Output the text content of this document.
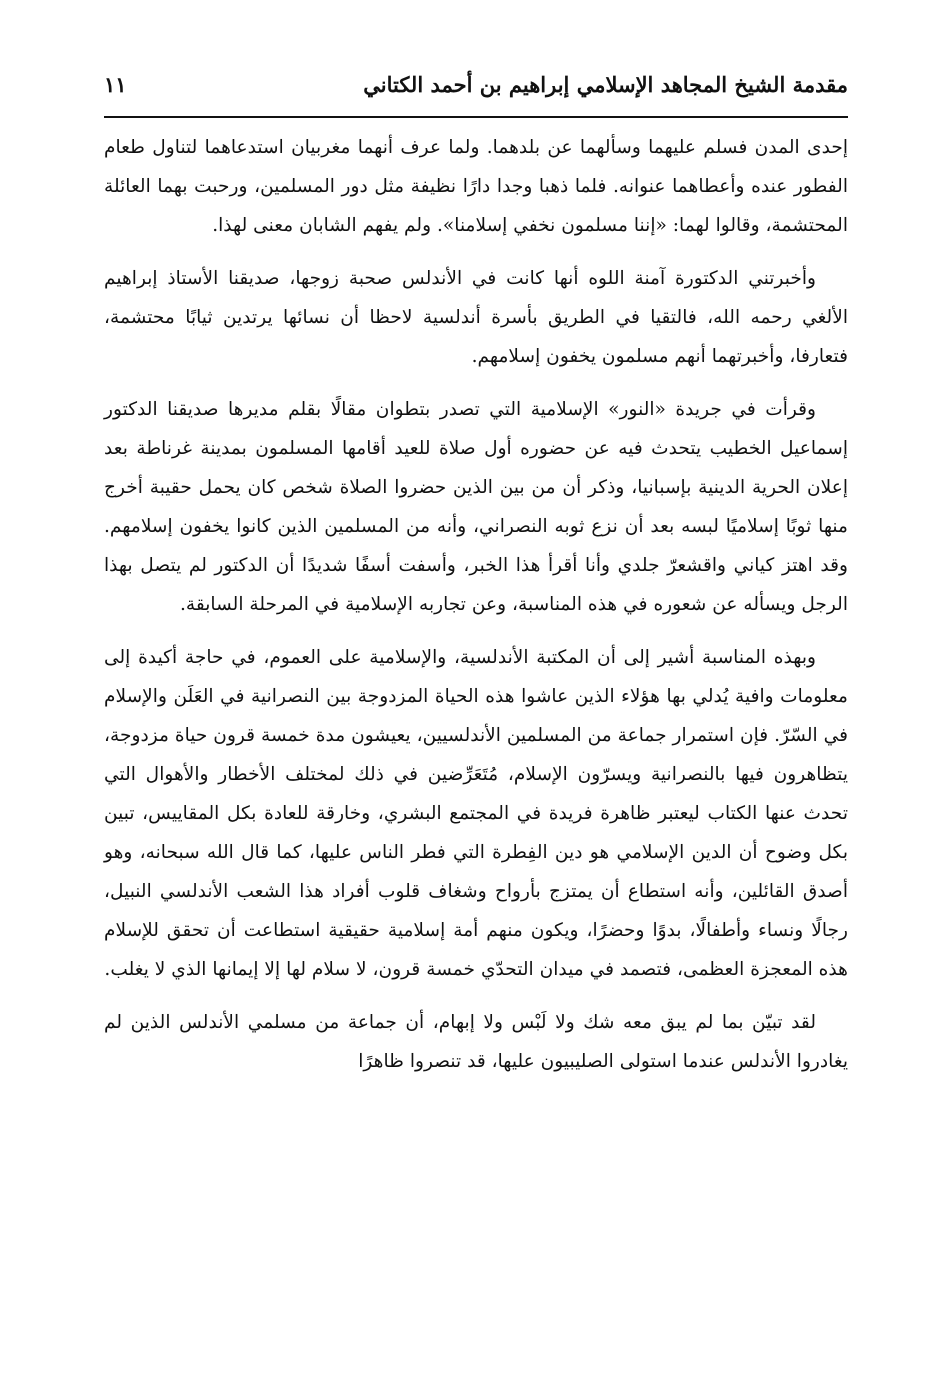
مقدمة الشيخ المجاهد الإسلامي إبراهيم بن أحمد الكتاني
١١

إحدى المدن فسلم عليهما وسألهما عن بلدهما. ولما عرف أنهما مغربيان استدعاهما لتناول طعام الفطور عنده وأعطاهما عنوانه. فلما ذهبا وجدا دارًا نظيفة مثل دور المسلمين، ورحبت بهما العائلة المحتشمة، وقالوا لهما: «إننا مسلمون نخفي إسلامنا». ولم يفهم الشابان معنى لهذا.

وأخبرتني الدكتورة آمنة اللوه أنها كانت في الأندلس صحبة زوجها، صديقنا الأستاذ إبراهيم الألغي رحمه الله، فالتقيا في الطريق بأسرة أندلسية لاحظا أن نسائها يرتدين ثيابًا محتشمة، فتعارفا، وأخبرتهما أنهم مسلمون يخفون إسلامهم.

وقرأت في جريدة «النور» الإسلامية التي تصدر بتطوان مقالًا بقلم مديرها صديقنا الدكتور إسماعيل الخطيب يتحدث فيه عن حضوره أول صلاة للعيد أقامها المسلمون بمدينة غرناطة بعد إعلان الحرية الدينية بإسبانيا، وذكر أن من بين الذين حضروا الصلاة شخص كان يحمل حقيبة أخرج منها ثوبًا إسلاميًا لبسه بعد أن نزع ثوبه النصراني، وأنه من المسلمين الذين كانوا يخفون إسلامهم. وقد اهتز كياني واقشعرّ جلدي وأنا أقرأ هذا الخبر، وأسفت أسفًا شديدًا أن الدكتور لم يتصل بهذا الرجل ويسأله عن شعوره في هذه المناسبة، وعن تجاربه الإسلامية في المرحلة السابقة.

وبهذه المناسبة أشير إلى أن المكتبة الأندلسية، والإسلامية على العموم، في حاجة أكيدة إلى معلومات وافية يُدلي بها هؤلاء الذين عاشوا هذه الحياة المزدوجة بين النصرانية في العَلَن والإسلام في السّرّ. فإن استمرار جماعة من المسلمين الأندلسيين، يعيشون مدة خمسة قرون حياة مزدوجة، يتظاهرون فيها بالنصرانية ويسرّون الإسلام، مُتَعَرِّضين في ذلك لمختلف الأخطار والأهوال التي تحدث عنها الكتاب ليعتبر ظاهرة فريدة في المجتمع البشري، وخارقة للعادة بكل المقاييس، تبين بكل وضوح أن الدين الإسلامي هو دين الفِطرة التي فطر الناس عليها، كما قال الله سبحانه، وهو أصدق القائلين، وأنه استطاع أن يمتزج بأرواح وشغاف قلوب أفراد هذا الشعب الأندلسي النبيل، رجالًا ونساء وأطفالًا، بدوًا وحضرًا، ويكون منهم أمة إسلامية حقيقية استطاعت أن تحقق للإسلام هذه المعجزة العظمى، فتصمد في ميدان التحدّي خمسة قرون، لا سلام لها إلا إيمانها الذي لا يغلب.

لقد تبيّن بما لم يبق معه شك ولا لَبْس ولا إبهام، أن جماعة من مسلمي الأندلس الذين لم يغادروا الأندلس عندما استولى الصليبيون عليها، قد تنصروا ظاهرًا
